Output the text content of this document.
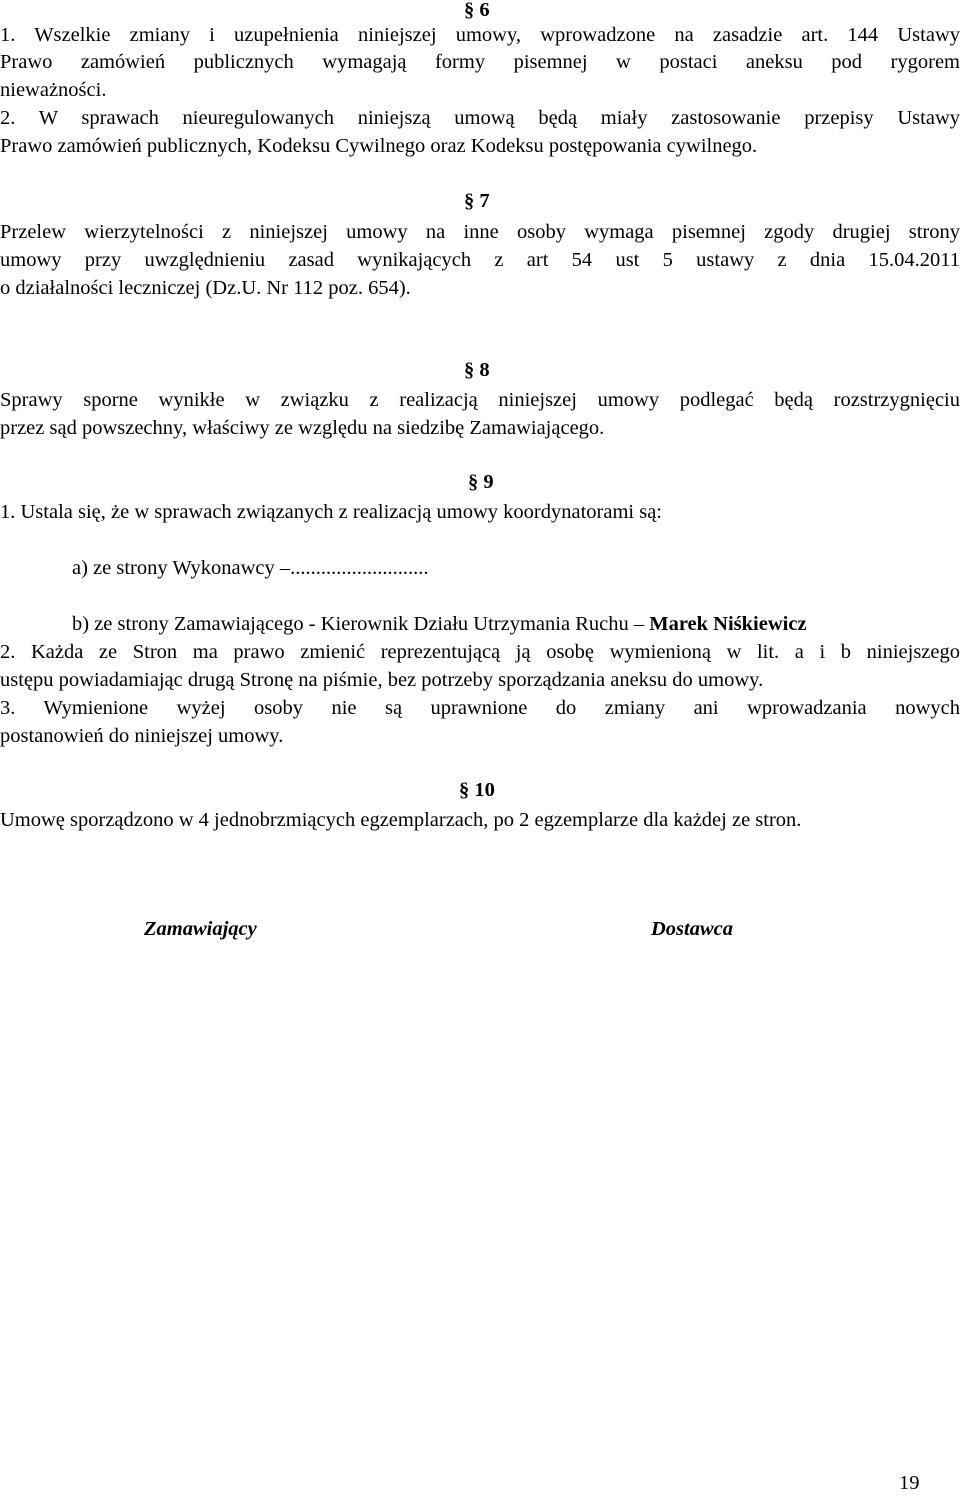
§ 6
1. Wszelkie zmiany i uzupełnienia niniejszej umowy, wprowadzone na zasadzie art. 144 Ustawy
Prawo zamówień publicznych wymagają formy pisemnej w postaci aneksu pod rygorem
nieważności.
2. W sprawach nieuregulowanych niniejszą umową będą miały zastosowanie przepisy Ustawy
Prawo zamówień publicznych, Kodeksu Cywilnego oraz Kodeksu postępowania cywilnego.
§ 7
Przelew wierzytelności z niniejszej umowy na inne osoby wymaga pisemnej zgody drugiej strony
umowy przy uwzględnieniu zasad wynikających z art 54 ust 5 ustawy z dnia 15.04.2011
o działalności leczniczej (Dz.U. Nr 112 poz. 654).
§ 8
Sprawy sporne wynikłe w związku z realizacją niniejszej umowy podlegać będą rozstrzygnięciu
przez sąd powszechny, właściwy ze względu na siedzibę Zamawiającego.
§ 9
1. Ustala się, że w sprawach związanych z realizacją umowy koordynatorami są:
a) ze strony Wykonawcy –...........................
b) ze strony Zamawiającego - Kierownik Działu Utrzymania Ruchu – Marek Niśkiewicz
2. Każda ze Stron ma prawo zmienić reprezentującą ją osobę wymienioną w lit. a i b niniejszego
ustępu powiadamiając drugą Stronę na piśmie, bez potrzeby sporządzania aneksu do umowy.
3. Wymienione wyżej osoby nie są uprawnione do zmiany ani wprowadzania nowych
postanowień do niniejszej umowy.
§ 10
Umowę sporządzono w 4 jednobrzmiących egzemplarzach, po 2 egzemplarze dla każdej ze stron.
Zamawiający	Dostawca
19
